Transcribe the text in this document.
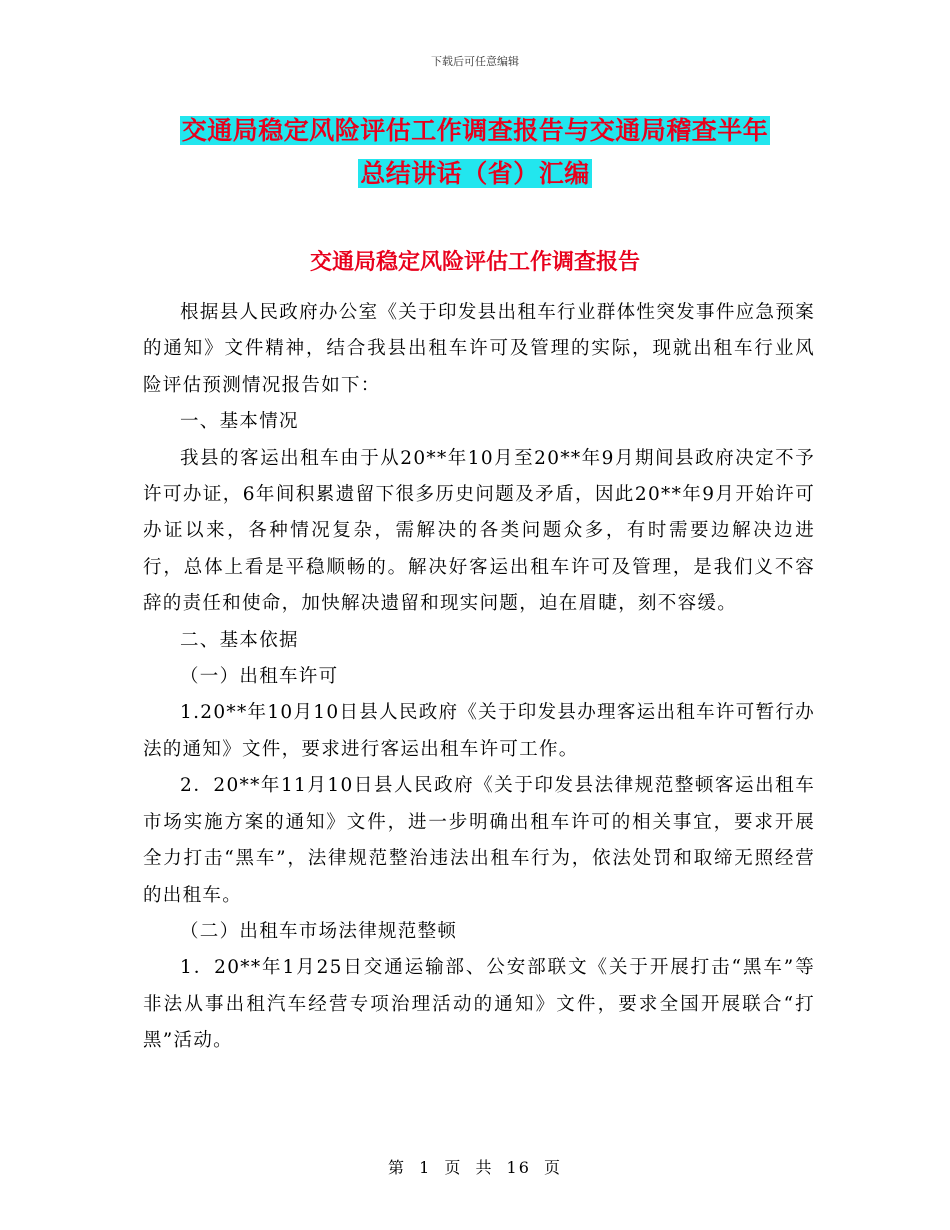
下载后可任意编辑
交通局稳定风险评估工作调查报告与交通局稽查半年
总结讲话（省）汇编
交通局稳定风险评估工作调查报告

根据县人民政府办公室《关于印发县出租车行业群体性突发事件应急预案的通知》文件精神，结合我县出租车许可及管理的实际，现就出租车行业风险评估预测情况报告如下：

一、基本情况

我县的客运出租车由于从20**年10月至20**年9月期间县政府决定不予许可办证，6年间积累遗留下很多历史问题及矛盾，因此20**年9月开始许可办证以来，各种情况复杂，需解决的各类问题众多，有时需要边解决边进行，总体上看是平稳顺畅的。解决好客运出租车许可及管理，是我们义不容辞的责任和使命，加快解决遗留和现实问题，迫在眉睫，刻不容缓。

二、基本依据

（一）出租车许可

1.20**年10月10日县人民政府《关于印发县办理客运出租车许可暂行办法的通知》文件，要求进行客运出租车许可工作。

2．20**年11月10日县人民政府《关于印发县法律规范整顿客运出租车市场实施方案的通知》文件，进一步明确出租车许可的相关事宜，要求开展全力打击“黑车”，法律规范整治违法出租车行为，依法处罚和取缔无照经营的出租车。

（二）出租车市场法律规范整顿

1．20**年1月25日交通运输部、公安部联文《关于开展打击“黑车”等非法从事出租汽车经营专项治理活动的通知》文件，要求全国开展联合“打黑”活动。

第 1 页 共 16 页
